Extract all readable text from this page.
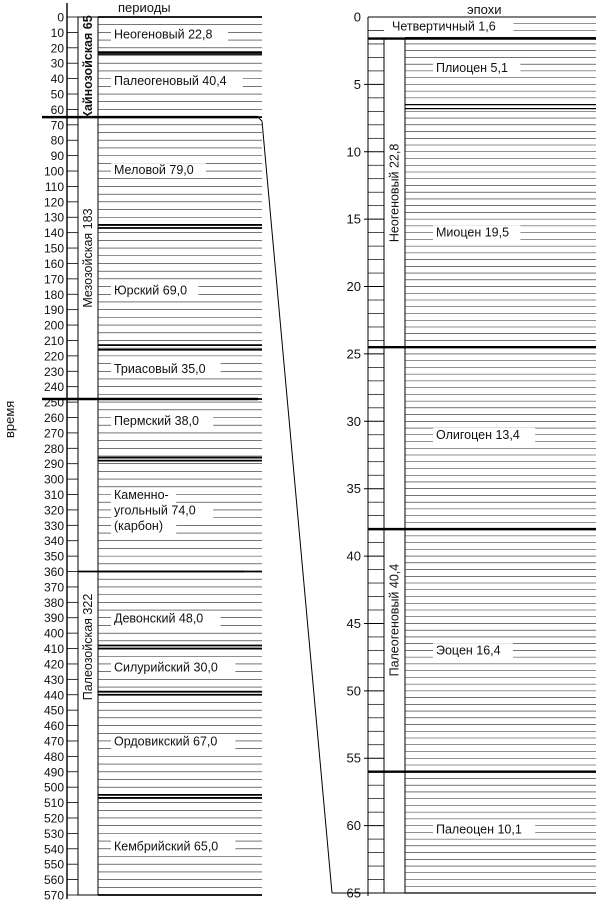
периоды	эпохи
время
0
10
20
30
40
50
60
70
80
90
100
110
120
130
140
150
160
170
180
190
200
210
220
230
240
250
260
270
280
290
300
310
320
330
340
350
360
370
380
390
400
410
420
430
440
450
460
470
480
490
500
510
520
530
540
550
560
570
Кайнозойская 65
Мезозойская 183
Палеозойская 322
Неогеновый 22,8
Палеогеновый 40,4
Меловой 79,0
Юрский 69,0
Триасовый 35,0
Пермский 38,0
Каменно-
угольный 74,0
(карбон)
Девонский 48,0
Силурийский 30,0
Ордовикский 67,0
Кембрийский 65,0
0
5
10
15
20
25
30
35
40
45
50
55
60
65
Неогеновый 22,8
Палеогеновый 40,4
Четвертичный 1,6
Плиоцен 5,1
Миоцен 19,5
Олигоцен 13,4
Эоцен 16,4
Палеоцен 10,1
